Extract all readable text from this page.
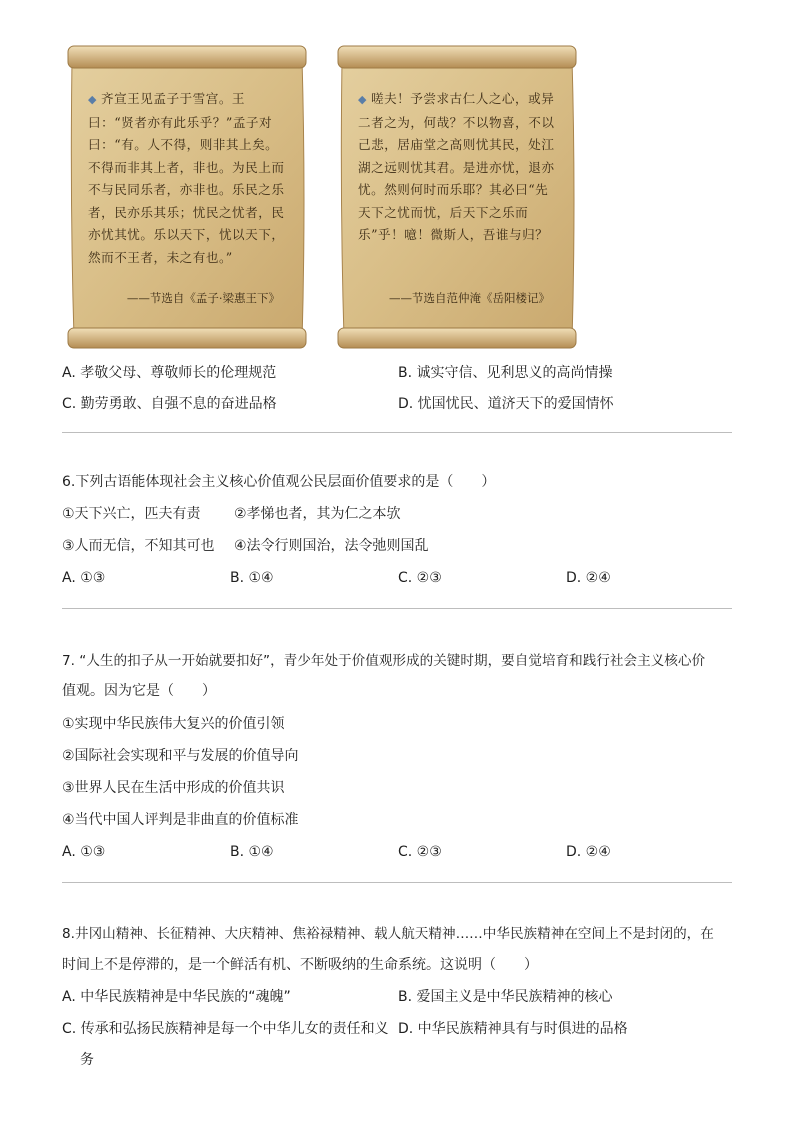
◆ 齐宣王见孟子于雪宫。王曰：“贤者亦有此乐乎？”孟子对曰：“有。人不得，则非其上矣。不得而非其上者，非也。为民上而不与民同乐者，亦非也。乐民之乐者，民亦乐其乐；忧民之忧者，民亦忧其忧。乐以天下，忧以天下，然而不王者，未之有也。”
——节选自《孟子·梁惠王下》
◆ 嗟夫！予尝求古仁人之心，或异二者之为，何哉？不以物喜，不以己悲，居庙堂之高则忧其民，处江湖之远则忧其君。是进亦忧，退亦忧。然则何时而乐耶？其必曰“先天下之忧而忧，后天下之乐而乐”乎！噫！微斯人，吾谁与归？
——节选自范仲淹《岳阳楼记》
A. 孝敬父母、尊敬师长的伦理规范	B. 诚实守信、见利思义的高尚情操
C. 勤劳勇敢、自强不息的奋进品格	D. 忧国忧民、道济天下的爱国情怀
6.下列古语能体现社会主义核心价值观公民层面价值要求的是（　　）
①天下兴亡，匹夫有责 ②孝悌也者，其为仁之本欤
③人而无信，不知其可也 ④法令行则国治，法令弛则国乱
A. ①③	B. ①④	C. ②③	D. ②④
7. “人生的扣子从一开始就要扣好”，青少年处于价值观形成的关键时期，要自觉培育和践行社会主义核心价
值观。因为它是（　　）
①实现中华民族伟大复兴的价值引领
②国际社会实现和平与发展的价值导向
③世界人民在生活中形成的价值共识
④当代中国人评判是非曲直的价值标准
A. ①③	B. ①④	C. ②③	D. ②④
8.井冈山精神、长征精神、大庆精神、焦裕禄精神、载人航天精神……中华民族精神在空间上不是封闭的，在
时间上不是停滞的，是一个鲜活有机、不断吸纳的生命系统。这说明（　　）
A. 中华民族精神是中华民族的“魂魄”	B. 爱国主义是中华民族精神的核心
C. 传承和弘扬民族精神是每一个中华儿女的责任和义 D. 中华民族精神具有与时俱进的品格
务
